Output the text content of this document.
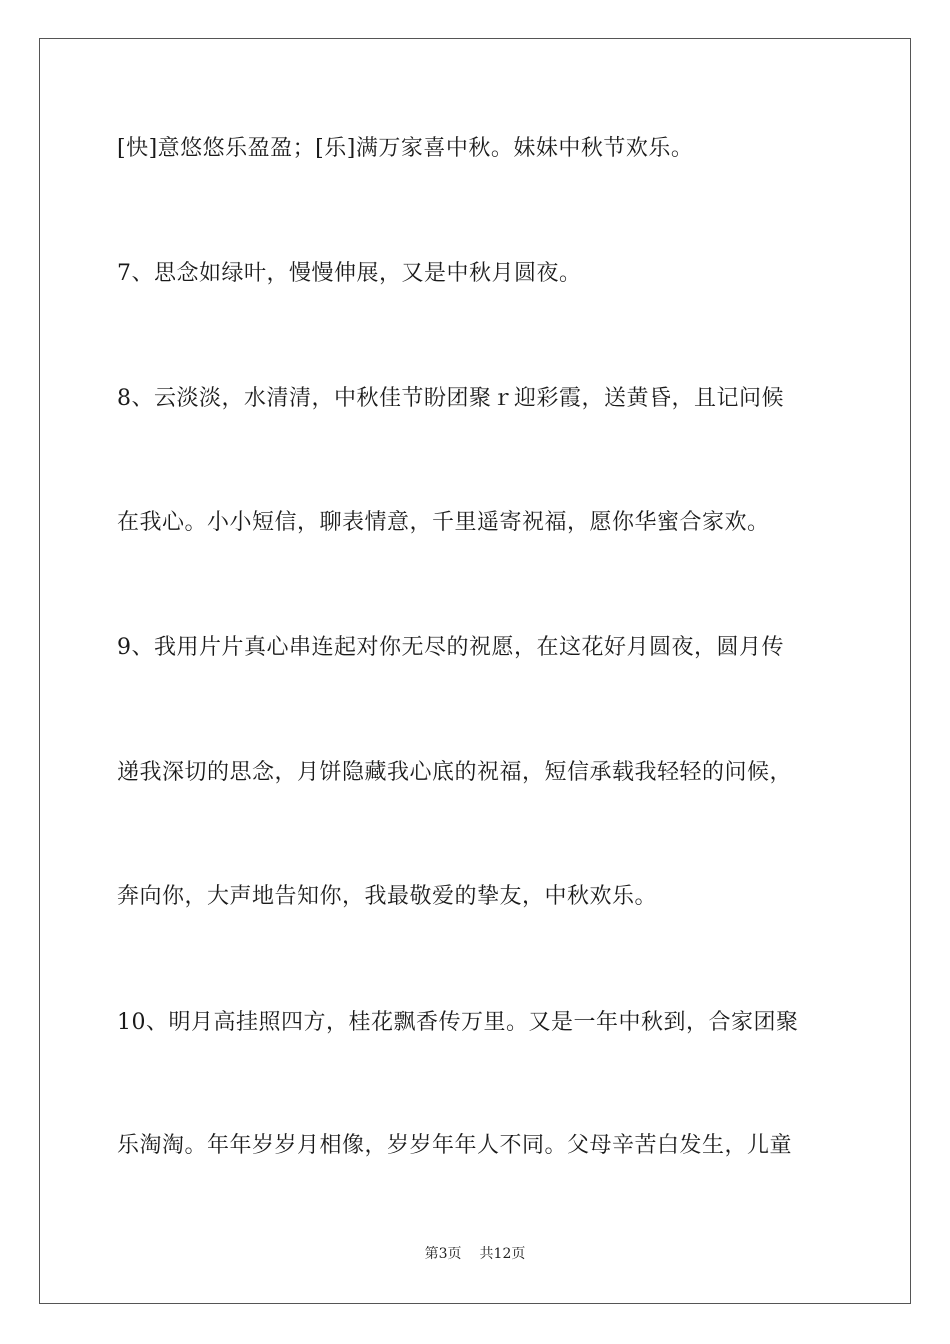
[快]意悠悠乐盈盈；[乐]满万家喜中秋。妹妹中秋节欢乐。
7、思念如绿叶，慢慢伸展，又是中秋月圆夜。
8、云淡淡，水清清，中秋佳节盼团聚ｒ迎彩霞，送黄昏，且记问候
在我心。小小短信，聊表情意，千里遥寄祝福，愿你华蜜合家欢。
9、我用片片真心串连起对你无尽的祝愿，在这花好月圆夜，圆月传
递我深切的思念，月饼隐藏我心底的祝福，短信承载我轻轻的问候，
奔向你，大声地告知你，我最敬爱的挚友，中秋欢乐。
10、明月高挂照四方，桂花飘香传万里。又是一年中秋到，合家团聚
乐淘淘。年年岁岁月相像，岁岁年年人不同。父母辛苦白发生，儿童
第3页 共12页
